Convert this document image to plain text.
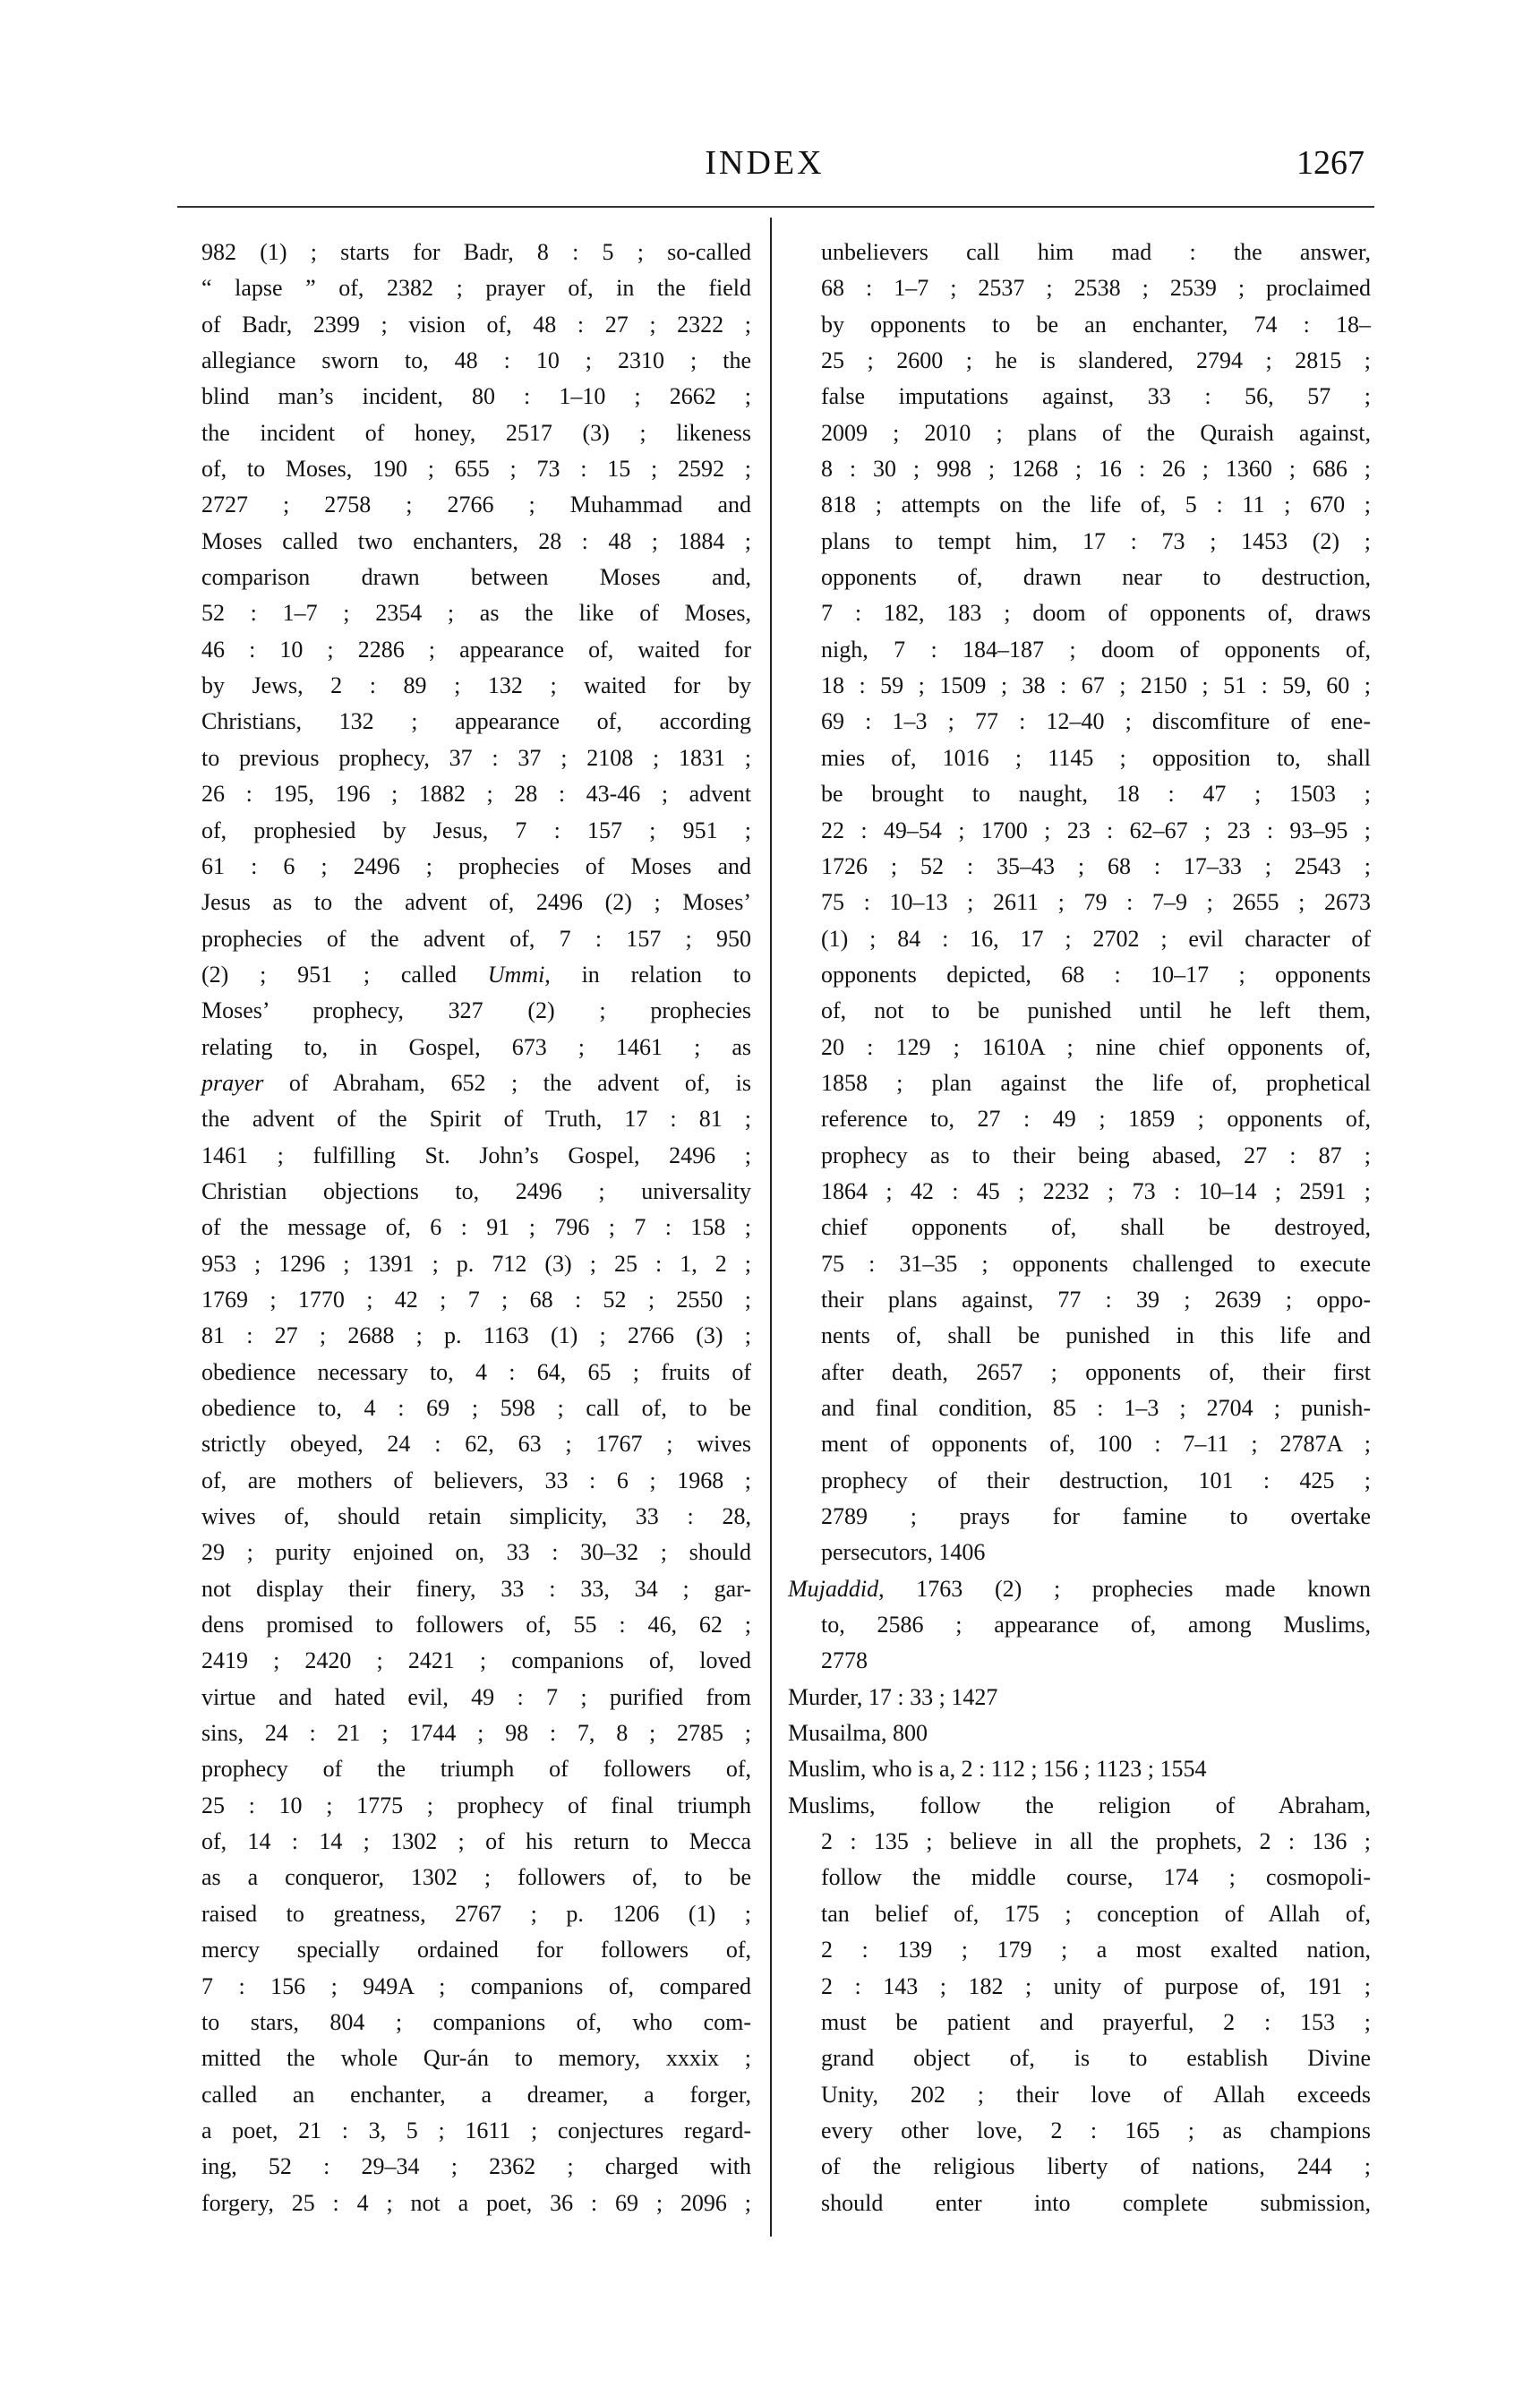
INDEX	1267
982 (1) ; starts for Badr, 8 : 5 ; so-called
“ lapse ” of, 2382 ; prayer of, in the field
of Badr, 2399 ; vision of, 48 : 27 ; 2322 ;
allegiance sworn to, 48 : 10 ; 2310 ; the
blind man’s incident, 80 : 1–10 ; 2662 ;
the incident of honey, 2517 (3) ; likeness
of, to Moses, 190 ; 655 ; 73 : 15 ; 2592 ;
2727 ; 2758 ; 2766 ; Muhammad and
Moses called two enchanters, 28 : 48 ; 1884 ;
comparison drawn between Moses and,
52 : 1–7 ; 2354 ; as the like of Moses,
46 : 10 ; 2286 ; appearance of, waited for
by Jews, 2 : 89 ; 132 ; waited for by
Christians, 132 ; appearance of, according
to previous prophecy, 37 : 37 ; 2108 ; 1831 ;
26 : 195, 196 ; 1882 ; 28 : 43-46 ; advent
of, prophesied by Jesus, 7 : 157 ; 951 ;
61 : 6 ; 2496 ; prophecies of Moses and
Jesus as to the advent of, 2496 (2) ; Moses’
prophecies of the advent of, 7 : 157 ; 950
(2) ; 951 ; called Ummi, in relation to
Moses’ prophecy, 327 (2) ; prophecies
relating to, in Gospel, 673 ; 1461 ; as
prayer of Abraham, 652 ; the advent of, is
the advent of the Spirit of Truth, 17 : 81 ;
1461 ; fulfilling St. John’s Gospel, 2496 ;
Christian objections to, 2496 ; universality
of the message of, 6 : 91 ; 796 ; 7 : 158 ;
953 ; 1296 ; 1391 ; p. 712 (3) ; 25 : 1, 2 ;
1769 ; 1770 ; 42 ; 7 ; 68 : 52 ; 2550 ;
81 : 27 ; 2688 ; p. 1163 (1) ; 2766 (3) ;
obedience necessary to, 4 : 64, 65 ; fruits of
obedience to, 4 : 69 ; 598 ; call of, to be
strictly obeyed, 24 : 62, 63 ; 1767 ; wives
of, are mothers of believers, 33 : 6 ; 1968 ;
wives of, should retain simplicity, 33 : 28,
29 ; purity enjoined on, 33 : 30–32 ; should
not display their finery, 33 : 33, 34 ; gar-
dens promised to followers of, 55 : 46, 62 ;
2419 ; 2420 ; 2421 ; companions of, loved
virtue and hated evil, 49 : 7 ; purified from
sins, 24 : 21 ; 1744 ; 98 : 7, 8 ; 2785 ;
prophecy of the triumph of followers of,
25 : 10 ; 1775 ; prophecy of final triumph
of, 14 : 14 ; 1302 ; of his return to Mecca
as a conqueror, 1302 ; followers of, to be
raised to greatness, 2767 ; p. 1206 (1) ;
mercy specially ordained for followers of,
7 : 156 ; 949A ; companions of, compared
to stars, 804 ; companions of, who com-
mitted the whole Qur-án to memory, xxxix ;
called an enchanter, a dreamer, a forger,
a poet, 21 : 3, 5 ; 1611 ; conjectures regard-
ing, 52 : 29–34 ; 2362 ; charged with
forgery, 25 : 4 ; not a poet, 36 : 69 ; 2096 ;
unbelievers call him mad : the answer,
68 : 1–7 ; 2537 ; 2538 ; 2539 ; proclaimed
by opponents to be an enchanter, 74 : 18–
25 ; 2600 ; he is slandered, 2794 ; 2815 ;
false imputations against, 33 : 56, 57 ;
2009 ; 2010 ; plans of the Quraish against,
8 : 30 ; 998 ; 1268 ; 16 : 26 ; 1360 ; 686 ;
818 ; attempts on the life of, 5 : 11 ; 670 ;
plans to tempt him, 17 : 73 ; 1453 (2) ;
opponents of, drawn near to destruction,
7 : 182, 183 ; doom of opponents of, draws
nigh, 7 : 184–187 ; doom of opponents of,
18 : 59 ; 1509 ; 38 : 67 ; 2150 ; 51 : 59, 60 ;
69 : 1–3 ; 77 : 12–40 ; discomfiture of ene-
mies of, 1016 ; 1145 ; opposition to, shall
be brought to naught, 18 : 47 ; 1503 ;
22 : 49–54 ; 1700 ; 23 : 62–67 ; 23 : 93–95 ;
1726 ; 52 : 35–43 ; 68 : 17–33 ; 2543 ;
75 : 10–13 ; 2611 ; 79 : 7–9 ; 2655 ; 2673
(1) ; 84 : 16, 17 ; 2702 ; evil character of
opponents depicted, 68 : 10–17 ; opponents
of, not to be punished until he left them,
20 : 129 ; 1610A ; nine chief opponents of,
1858 ; plan against the life of, prophetical
reference to, 27 : 49 ; 1859 ; opponents of,
prophecy as to their being abased, 27 : 87 ;
1864 ; 42 : 45 ; 2232 ; 73 : 10–14 ; 2591 ;
chief opponents of, shall be destroyed,
75 : 31–35 ; opponents challenged to execute
their plans against, 77 : 39 ; 2639 ; oppo-
nents of, shall be punished in this life and
after death, 2657 ; opponents of, their first
and final condition, 85 : 1–3 ; 2704 ; punish-
ment of opponents of, 100 : 7–11 ; 2787A ;
prophecy of their destruction, 101 : 425 ;
2789 ; prays for famine to overtake
persecutors, 1406
Mujaddid, 1763 (2) ; prophecies made known
to, 2586 ; appearance of, among Muslims,
2778
Murder, 17 : 33 ; 1427
Musailma, 800
Muslim, who is a, 2 : 112 ; 156 ; 1123 ; 1554
Muslims, follow the religion of Abraham,
2 : 135 ; believe in all the prophets, 2 : 136 ;
follow the middle course, 174 ; cosmopoli-
tan belief of, 175 ; conception of Allah of,
2 : 139 ; 179 ; a most exalted nation,
2 : 143 ; 182 ; unity of purpose of, 191 ;
must be patient and prayerful, 2 : 153 ;
grand object of, is to establish Divine
Unity, 202 ; their love of Allah exceeds
every other love, 2 : 165 ; as champions
of the religious liberty of nations, 244 ;
should enter into complete submission,
